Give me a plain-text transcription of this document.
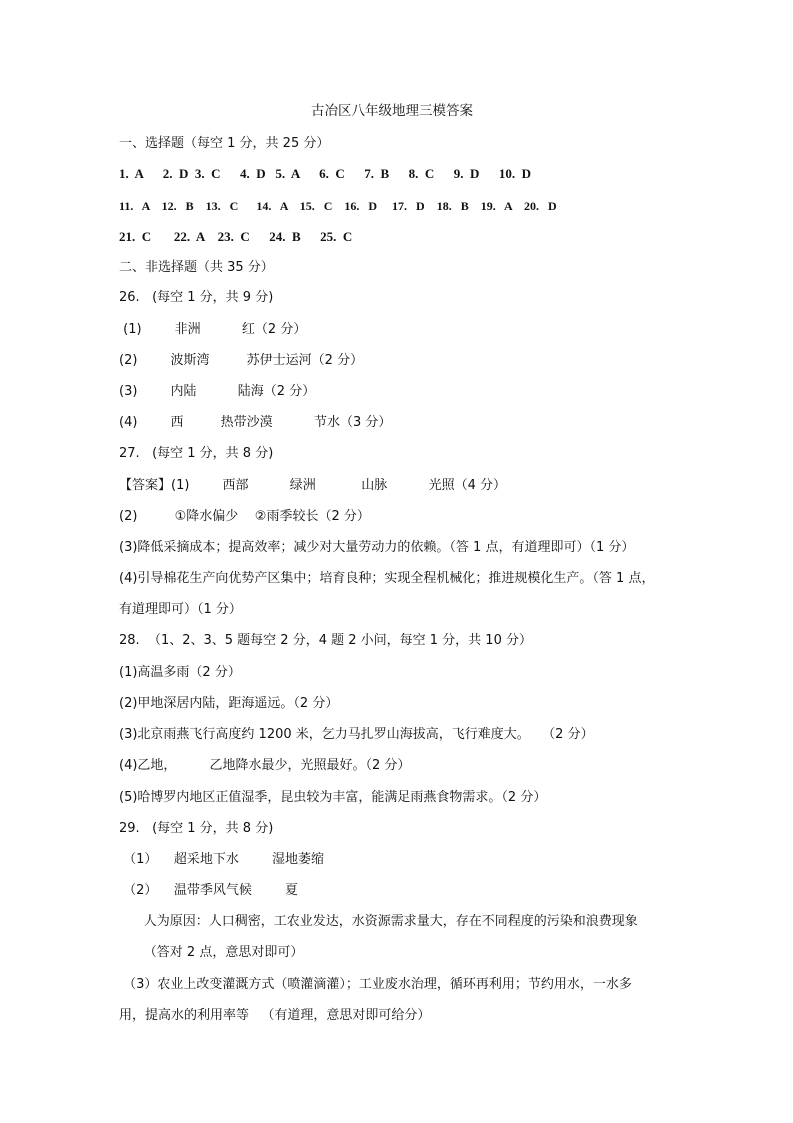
古冶区八年级地理三模答案
一、选择题（每空 1 分，共 25 分）
1.  A      2.  D  3.  C      4.  D   5.  A      6.  C      7.  B      8.  C      9.  D      10.  D
11.   A    12.   B    13.   C      14.   A    15.   C    16.   D     17.   D    18.   B    19.   A    20.   D
21.  C       22.  A    23.  C      24.  B      25.  C
二、非选择题（共 35 分）
26.   (每空 1 分，共 9 分)
(1)        非洲          红（2 分）
(2)        波斯湾         苏伊士运河（2 分）
(3)        内陆          陆海（2 分）
(4)        西         热带沙漠          节水（3 分）
27.   (每空 1 分，共 8 分)
【答案】(1)        西部          绿洲           山脉          光照（4 分）
(2)         ①降水偏少    ②雨季较长（2 分）
(3)降低采摘成本；提高效率；减少对大量劳动力的依赖。（答 1 点，有道理即可）（1 分）
(4)引导棉花生产向优势产区集中；培育良种；实现全程机械化；推进规模化生产。（答 1 点，
有道理即可）（1 分）
28.  （1、2、3、5 题每空 2 分，4 题 2 小问，每空 1 分，共 10 分）
(1)高温多雨（2 分）
(2)甲地深居内陆，距海遥远。（2 分）
(3)北京雨燕飞行高度约 1200 米，乞力马扎罗山海拔高，飞行难度大。   （2 分）
(4)乙地，        乙地降水最少，光照最好。（2 分）
(5)哈博罗内地区正值湿季，昆虫较为丰富，能满足雨燕食物需求。（2 分）
29.   (每空 1 分，共 8 分)
（1）    超采地下水        湿地萎缩
（2）    温带季风气候        夏
人为原因：人口稠密，工农业发达，水资源需求量大，存在不同程度的污染和浪费现象
（答对 2 点，意思对即可）
（3）农业上改变灌溉方式（喷灌滴灌）；工业废水治理，循环再利用；节约用水，一水多
用，提高水的利用率等   （有道理，意思对即可给分）
